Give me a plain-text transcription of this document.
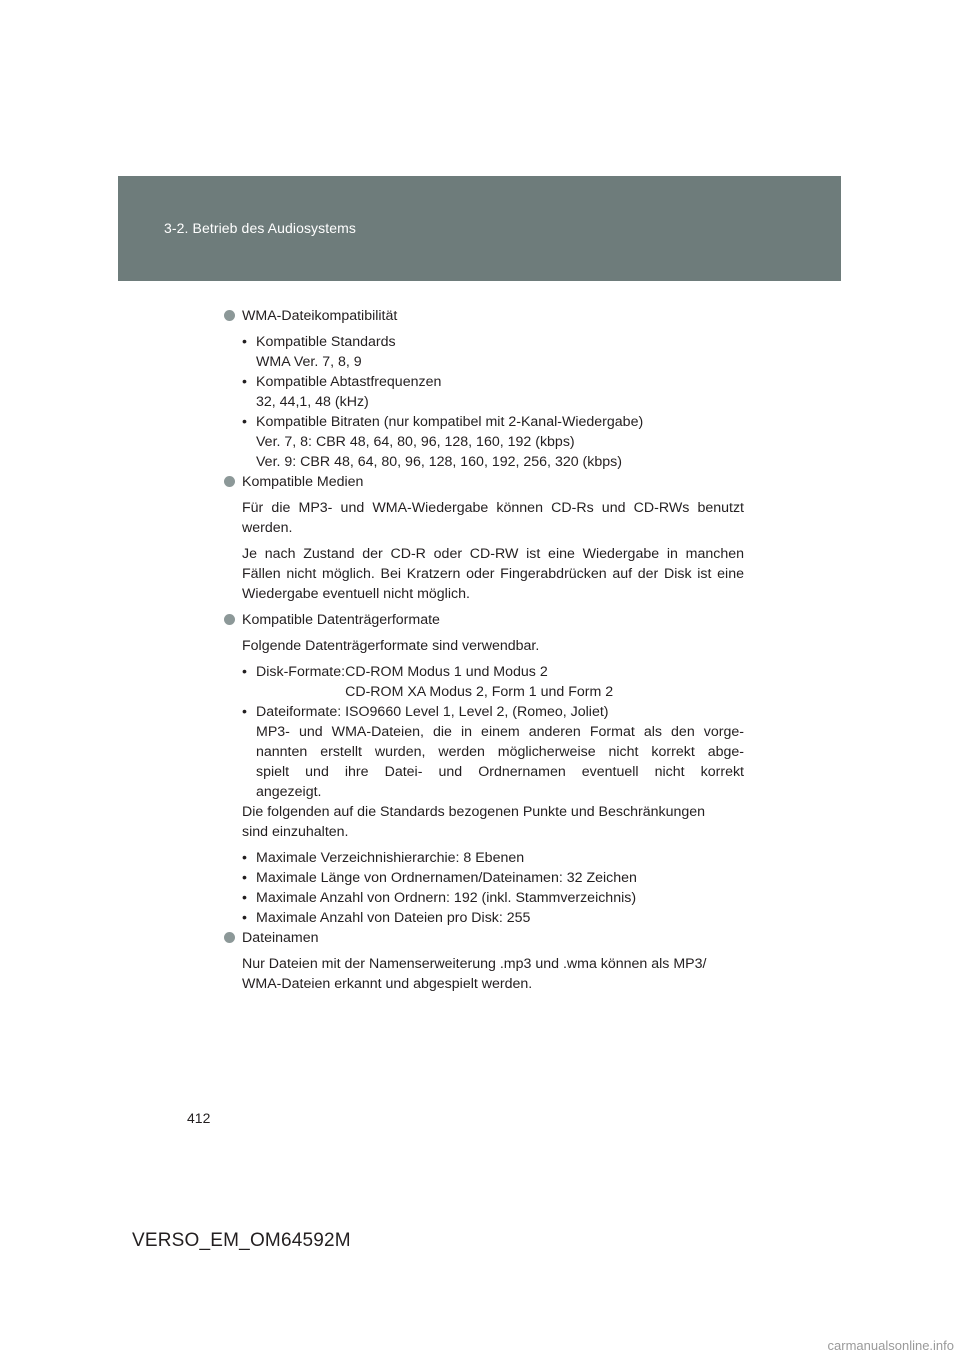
3-2. Betrieb des Audiosystems
WMA-Dateikompatibilität
• Kompatible Standards
WMA Ver. 7, 8, 9
• Kompatible Abtastfrequenzen
32, 44,1, 48 (kHz)
• Kompatible Bitraten (nur kompatibel mit 2-Kanal-Wiedergabe)
Ver. 7, 8: CBR 48, 64, 80, 96, 128, 160, 192 (kbps)
Ver. 9: CBR 48, 64, 80, 96, 128, 160, 192, 256, 320 (kbps)
Kompatible Medien
Für die MP3- und WMA-Wiedergabe können CD-Rs und CD-RWs benutzt werden.
Je nach Zustand der CD-R oder CD-RW ist eine Wiedergabe in manchen Fällen nicht möglich. Bei Kratzern oder Fingerabdrücken auf der Disk ist eine Wiedergabe eventuell nicht möglich.
Kompatible Datenträgerformate
Folgende Datenträgerformate sind verwendbar.
• Disk-Formate: CD-ROM Modus 1 und Modus 2
CD-ROM XA Modus 2, Form 1 und Form 2
• Dateiformate: ISO9660 Level 1, Level 2, (Romeo, Joliet)
MP3- und WMA-Dateien, die in einem anderen Format als den vorge-
nannten erstellt wurden, werden möglicherweise nicht korrekt abge-
spielt und ihre Datei- und Ordnernamen eventuell nicht korrekt
angezeigt.
Die folgenden auf die Standards bezogenen Punkte und Beschränkungen
sind einzuhalten.
• Maximale Verzeichnishierarchie: 8 Ebenen
• Maximale Länge von Ordnernamen/Dateinamen: 32 Zeichen
• Maximale Anzahl von Ordnern: 192 (inkl. Stammverzeichnis)
• Maximale Anzahl von Dateien pro Disk: 255
Dateinamen
Nur Dateien mit der Namenserweiterung .mp3 und .wma können als MP3/
WMA-Dateien erkannt und abgespielt werden.
412
VERSO_EM_OM64592M
carmanualsonline.info
